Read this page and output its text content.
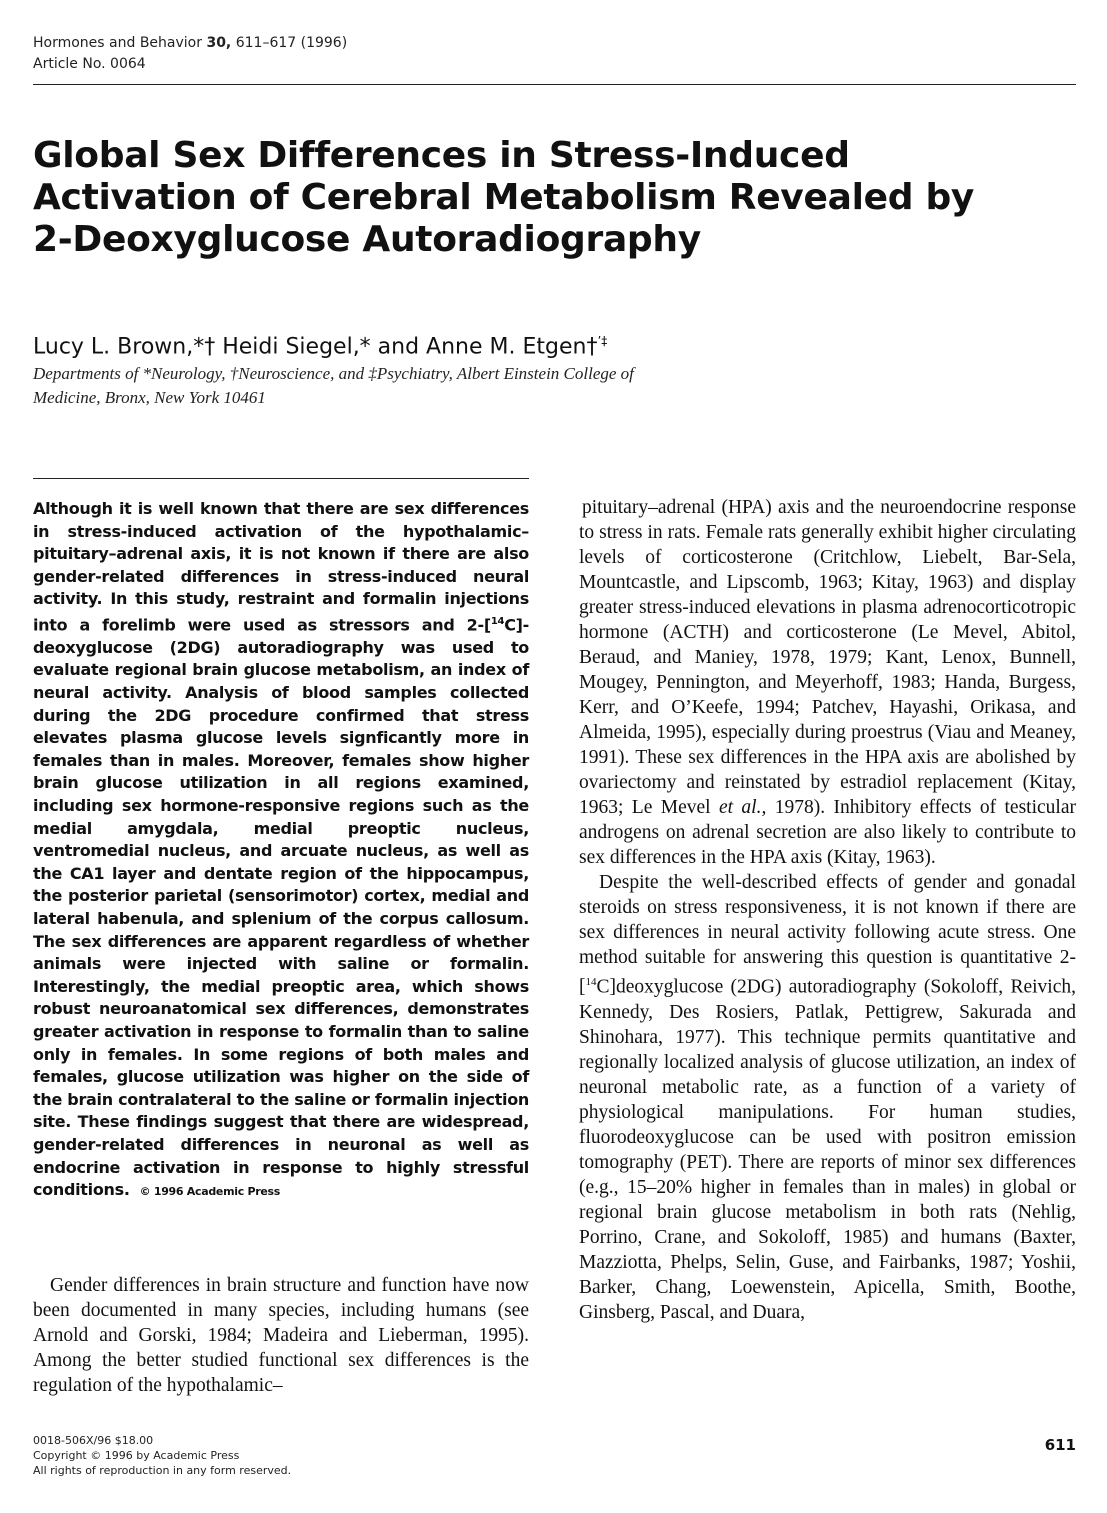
Hormones and Behavior 30, 611–617 (1996)
Article No. 0064
Global Sex Differences in Stress-Induced
Activation of Cerebral Metabolism Revealed by
2-Deoxyglucose Autoradiography
Lucy L. Brown,*† Heidi Siegel,* and Anne M. Etgen†’‡
Departments of *Neurology, †Neuroscience, and ‡Psychiatry, Albert Einstein College of
Medicine, Bronx, New York 10461
Although it is well known that there are sex differences in stress-induced activation of the hypothalamic–pituitary–adrenal axis, it is not known if there are also gender-related differences in stress-induced neural activity. In this study, restraint and formalin injections into a forelimb were used as stressors and 2-[$^{14}$C]-deoxyglucose (2DG) autoradiography was used to evaluate regional brain glucose metabolism, an index of neural activity. Analysis of blood samples collected during the 2DG procedure confirmed that stress elevates plasma glucose levels signficantly more in females than in males. Moreover, females show higher brain glucose utilization in all regions examined, including sex hormone-responsive regions such as the medial amygdala, medial preoptic nucleus, ventromedial nucleus, and arcuate nucleus, as well as the CA1 layer and dentate region of the hippocampus, the posterior parietal (sensorimotor) cortex, medial and lateral habenula, and splenium of the corpus callosum. The sex differences are apparent regardless of whether animals were injected with saline or formalin. Interestingly, the medial preoptic area, which shows robust neuroanatomical sex differences, demonstrates greater activation in response to formalin than to saline only in females. In some regions of both males and females, glucose utilization was higher on the side of the brain contralateral to the saline or formalin injection site. These findings suggest that there are widespread, gender-related differences in neuronal as well as endocrine activation in response to highly stressful conditions. © 1996 Academic Press

Gender differences in brain structure and function have now been documented in many species, including humans (see Arnold and Gorski, 1984; Madeira and Lieberman, 1995). Among the better studied functional sex differences is the regulation of the hypothalamic–

pituitary–adrenal (HPA) axis and the neuroendocrine response to stress in rats. Female rats generally exhibit higher circulating levels of corticosterone (Critchlow, Liebelt, Bar-Sela, Mountcastle, and Lipscomb, 1963; Kitay, 1963) and display greater stress-induced elevations in plasma adrenocorticotropic hormone (ACTH) and corticosterone (Le Mevel, Abitol, Beraud, and Maniey, 1978, 1979; Kant, Lenox, Bunnell, Mougey, Pennington, and Meyerhoff, 1983; Handa, Burgess, Kerr, and O’Keefe, 1994; Patchev, Hayashi, Orikasa, and Almeida, 1995), especially during proestrus (Viau and Meaney, 1991). These sex differences in the HPA axis are abolished by ovariectomy and reinstated by estradiol replacement (Kitay, 1963; Le Mevel et al., 1978). Inhibitory effects of testicular androgens on adrenal secretion are also likely to contribute to sex differences in the HPA axis (Kitay, 1963).

Despite the well-described effects of gender and gonadal steroids on stress responsiveness, it is not known if there are sex differences in neural activity following acute stress. One method suitable for answering this question is quantitative 2-[$^{14}$C]deoxyglucose (2DG) autoradiography (Sokoloff, Reivich, Kennedy, Des Rosiers, Patlak, Pettigrew, Sakurada and Shinohara, 1977). This technique permits quantitative and regionally localized analysis of glucose utilization, an index of neuronal metabolic rate, as a function of a variety of physiological manipulations. For human studies, fluorodeoxyglucose can be used with positron emission tomography (PET). There are reports of minor sex differences (e.g., 15–20% higher in females than in males) in global or regional brain glucose metabolism in both rats (Nehlig, Porrino, Crane, and Sokoloff, 1985) and humans (Baxter, Mazziotta, Phelps, Selin, Guse, and Fairbanks, 1987; Yoshii, Barker, Chang, Loewenstein, Apicella, Smith, Boothe, Ginsberg, Pascal, and Duara,

0018-506X/96 $18.00
Copyright © 1996 by Academic Press
All rights of reproduction in any form reserved.
611
